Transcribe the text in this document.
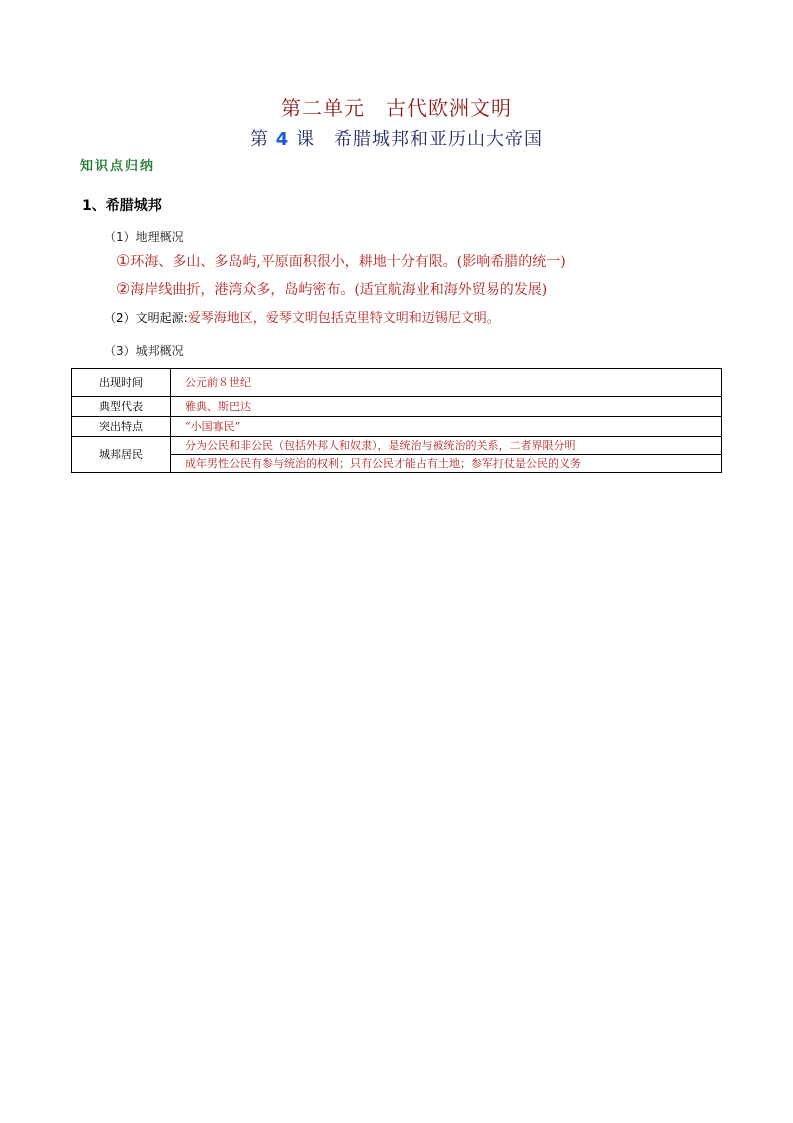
第二单元　古代欧洲文明
第 4 课　希腊城邦和亚历山大帝国
知识点归纳
1、希腊城邦
（1）地理概况
①环海、多山、多岛屿,平原面积很小，耕地十分有限。(影响希腊的统一)
②海岸线曲折，港湾众多，岛屿密布。(适宜航海业和海外贸易的发展)
（2）文明起源:爱琴海地区，爱琴文明包括克里特文明和迈锡尼文明。
（3）城邦概况
出现时间	公元前８世纪
典型代表	雅典、斯巴达
突出特点	“小国寡民”
城邦居民	分为公民和非公民（包括外邦人和奴隶），是统治与被统治的关系，二者界限分明
	成年男性公民有参与统治的权利；只有公民才能占有土地；参军打仗是公民的义务
